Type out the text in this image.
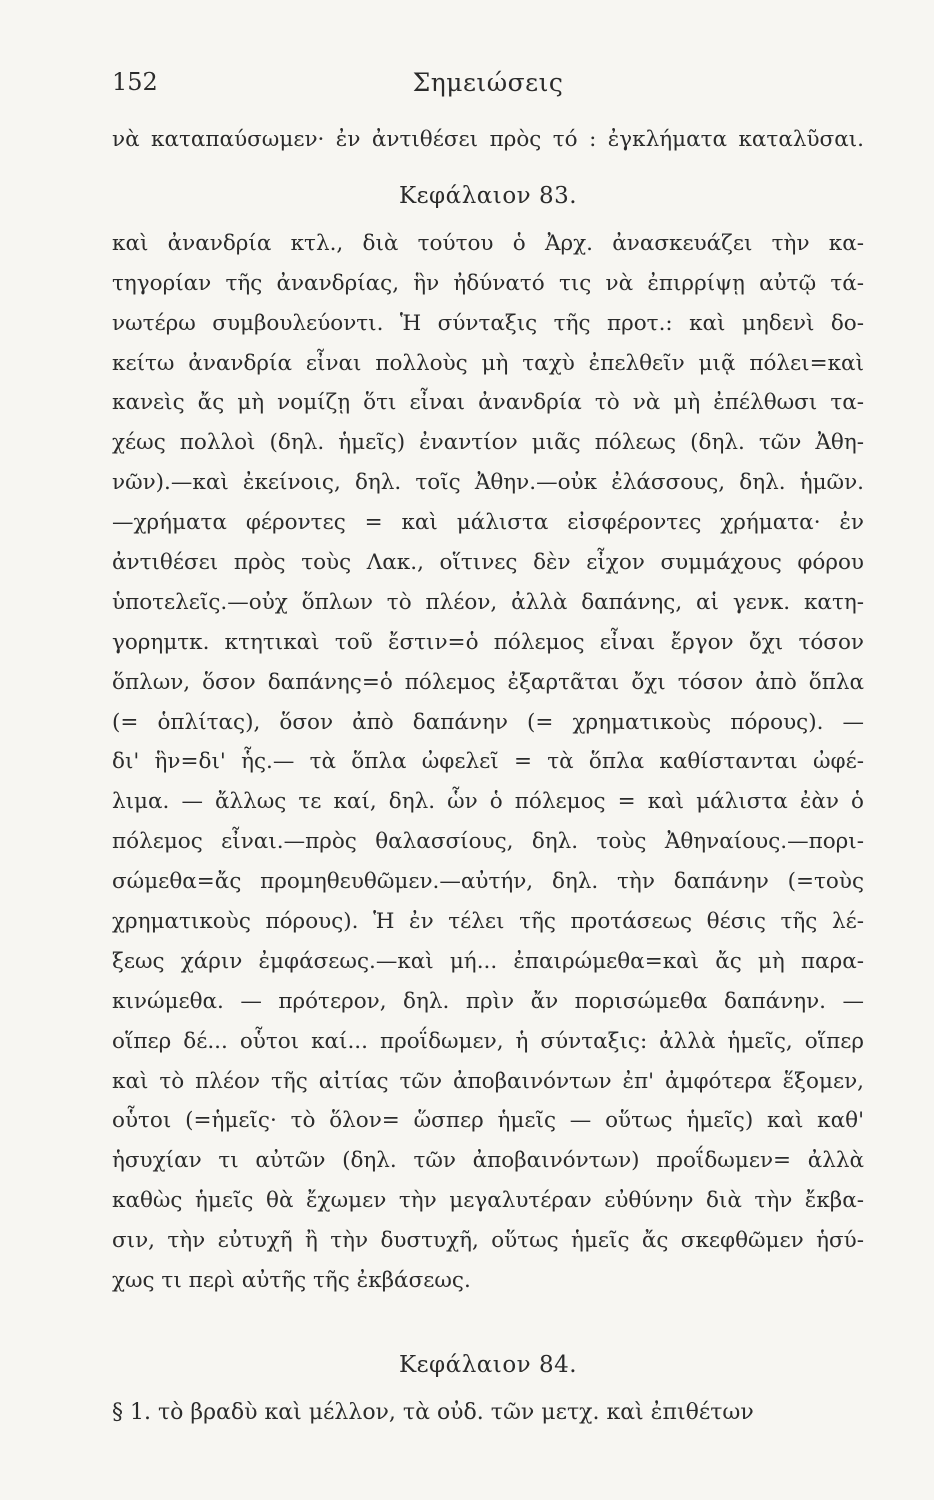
152	Σημειώσεις
νὰ καταπαύσωμεν· ἐν ἀντιθέσει πρὸς τό : ἐγκλήματα καταλῦσαι.
Κεφάλαιον 83.
καὶ ἀνανδρία κτλ., διὰ τούτου ὁ Ἀρχ. ἀνασκευάζει τὴν κα-
τηγορίαν τῆς ἀνανδρίας, ἣν ἠδύνατό τις νὰ ἐπιρρίψῃ αὐτῷ τά-
νωτέρω συμβουλεύοντι. Ἡ σύνταξις τῆς προτ.: καὶ μηδενὶ δο-
κείτω ἀνανδρία εἶναι πολλοὺς μὴ ταχὺ ἐπελθεῖν μιᾷ πόλει=καὶ
κανεὶς ἄς μὴ νομίζῃ ὅτι εἶναι ἀνανδρία τὸ νὰ μὴ ἐπέλθωσι τα-
χέως πολλοὶ (δηλ. ἡμεῖς) ἐναντίον μιᾶς πόλεως (δηλ. τῶν Ἀθη-
νῶν).—καὶ ἐκείνοις, δηλ. τοῖς Ἀθην.—οὐκ ἐλάσσους, δηλ. ἡμῶν.
—χρήματα φέροντες = καὶ μάλιστα εἰσφέροντες χρήματα· ἐν
ἀντιθέσει πρὸς τοὺς Λακ., οἵτινες δὲν εἶχον συμμάχους φόρου
ὑποτελεῖς.—οὐχ ὅπλων τὸ πλέον, ἀλλὰ δαπάνης, αἱ γενκ. κατη-
γορημτκ. κτητικαὶ τοῦ ἔστιν=ὁ πόλεμος εἶναι ἔργον ὄχι τόσον
ὅπλων, ὅσον δαπάνης=ὁ πόλεμος ἐξαρτᾶται ὄχι τόσον ἀπὸ ὅπλα
(= ὁπλίτας), ὅσον ἀπὸ δαπάνην (= χρηματικοὺς πόρους). —
δι' ἣν=δι' ἧς.— τὰ ὅπλα ὠφελεῖ = τὰ ὅπλα καθίστανται ὠφέ-
λιμα. — ἄλλως τε καί, δηλ. ὧν ὁ πόλεμος = καὶ μάλιστα ἐὰν ὁ
πόλεμος εἶναι.—πρὸς θαλασσίους, δηλ. τοὺς Ἀθηναίους.—πορι-
σώμεθα=ἄς προμηθευθῶμεν.—αὐτήν, δηλ. τὴν δαπάνην (=τοὺς
χρηματικοὺς πόρους). Ἡ ἐν τέλει τῆς προτάσεως θέσις τῆς λέ-
ξεως χάριν ἐμφάσεως.—καὶ μή... ἐπαιρώμεθα=καὶ ἄς μὴ παρα-
κινώμεθα. — πρότερον, δηλ. πρὶν ἄν πορισώμεθα δαπάνην. —
οἵπερ δέ... οὗτοι καί... προΐδωμεν, ἡ σύνταξις: ἀλλὰ ἡμεῖς, οἵπερ
καὶ τὸ πλέον τῆς αἰτίας τῶν ἀποβαινόντων ἐπ' ἀμφότερα ἕξομεν,
οὗτοι (=ἡμεῖς· τὸ ὅλον= ὥσπερ ἡμεῖς — οὕτως ἡμεῖς) καὶ καθ'
ἡσυχίαν τι αὐτῶν (δηλ. τῶν ἀποβαινόντων) προΐδωμεν= ἀλλὰ
καθὼς ἡμεῖς θὰ ἔχωμεν τὴν μεγαλυτέραν εὐθύνην διὰ τὴν ἔκβα-
σιν, τὴν εὐτυχῆ ἢ τὴν δυστυχῆ, οὕτως ἡμεῖς ἄς σκεφθῶμεν ἡσύ-
χως τι περὶ αὐτῆς τῆς ἐκβάσεως.
Κεφάλαιον 84.
§ 1. τὸ βραδὺ καὶ μέλλον, τὰ οὐδ. τῶν μετχ. καὶ ἐπιθέτων
